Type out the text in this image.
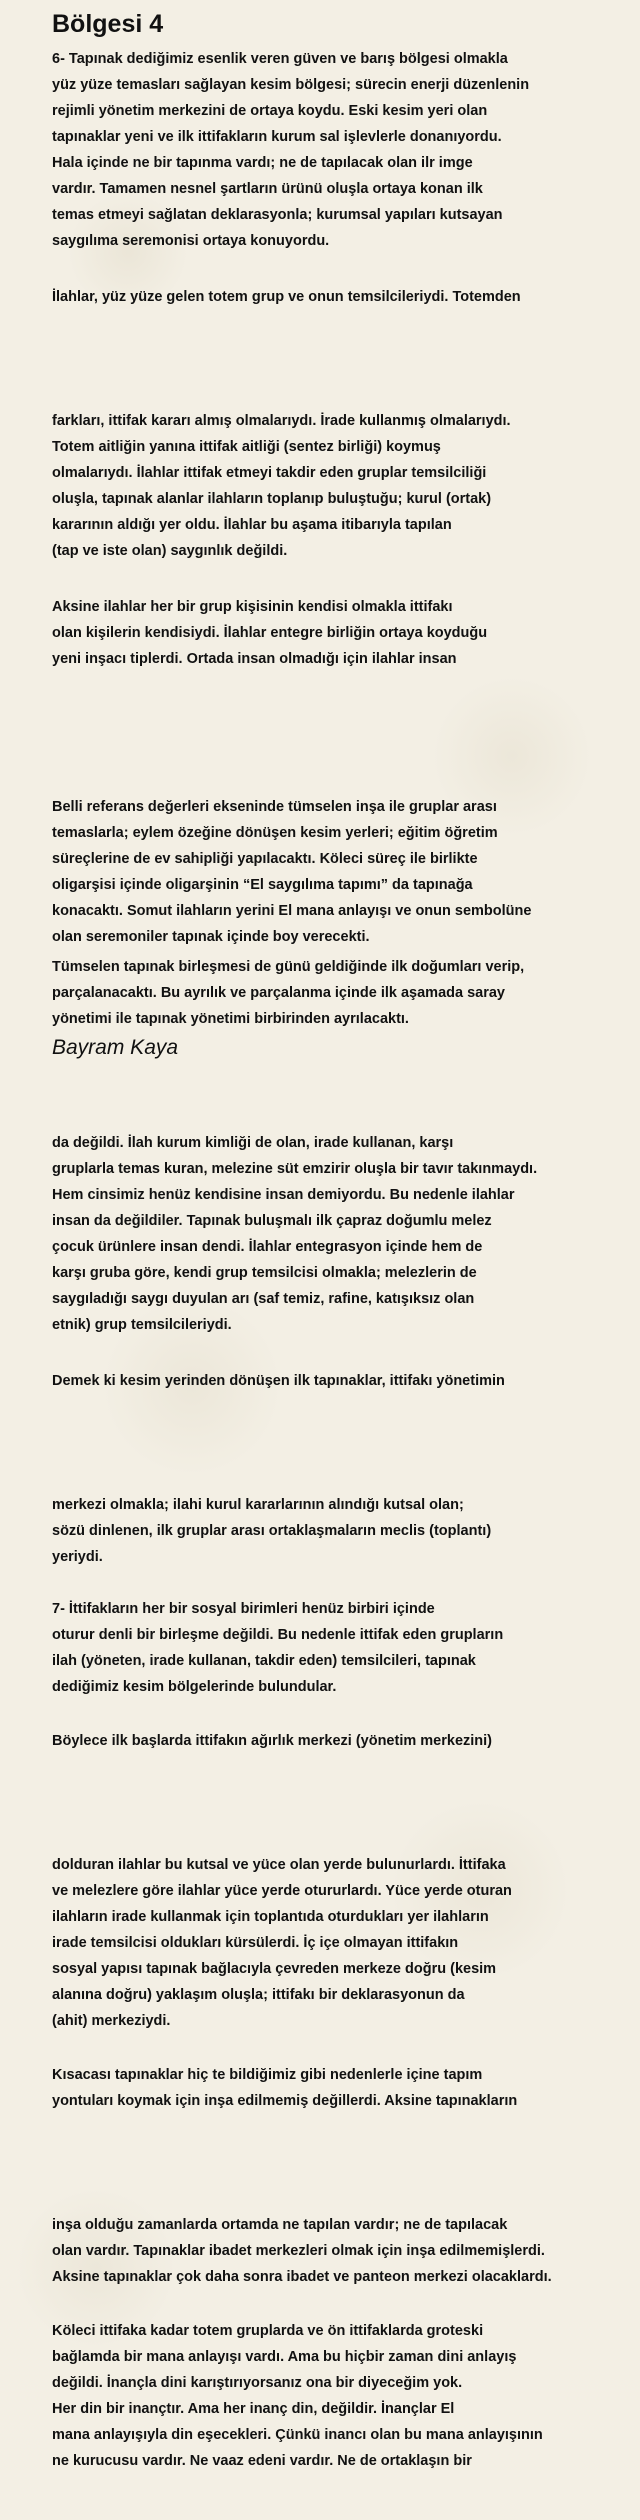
Bölgesi 4

6- Tapınak dediğimiz esenlik veren güven ve barış bölgesi olmakla
yüz yüze temasları sağlayan kesim bölgesi; sürecin enerji düzenlenin
rejimli yönetim merkezini de ortaya koydu. Eski kesim yeri olan
tapınaklar yeni ve ilk ittifakların kurum sal işlevlerle donanıyordu.
Hala içinde ne bir tapınma vardı; ne de tapılacak olan ilr imge
vardır. Tamamen nesnel şartların ürünü oluşla ortaya konan ilk
temas etmeyi sağlatan deklarasyonla; kurumsal yapıları kutsayan
saygılıma seremonisi ortaya konuyordu.

İlahlar, yüz yüze gelen totem grup ve onun temsilcileriydi. Totemden

farkları, ittifak kararı almış olmalarıydı. İrade kullanmış olmalarıydı.
Totem aitliğin yanına ittifak aitliği (sentez birliği) koymuş
olmalarıydı. İlahlar ittifak etmeyi takdir eden gruplar temsilciliği
oluşla, tapınak alanlar ilahların toplanıp buluştuğu; kurul (ortak)
kararının aldığı yer oldu. İlahlar bu aşama itibarıyla tapılan
(tap ve iste olan) saygınlık değildi.

Aksine ilahlar her bir grup kişisinin kendisi olmakla ittifakı
olan kişilerin kendisiydi. İlahlar entegre birliğin ortaya koyduğu
yeni inşacı tiplerdi. Ortada insan olmadığı için ilahlar insan

Belli referans değerleri ekseninde tümselen inşa ile gruplar arası
temaslarla; eylem özeğine dönüşen kesim yerleri; eğitim öğretim
süreçlerine de ev sahipliği yapılacaktı. Köleci süreç ile birlikte
oligarşisi içinde oligarşinin “El saygılıma tapımı” da tapınağa
konacaktı. Somut ilahların yerini El mana anlayışı ve onun sembolüne
olan seremoniler tapınak içinde boy verecekti.

Tümselen tapınak birleşmesi de günü geldiğinde ilk doğumları verip,
parçalanacaktı. Bu ayrılık ve parçalanma içinde ilk aşamada saray
yönetimi ile tapınak yönetimi birbirinden ayrılacaktı.

Bayram Kaya

da değildi. İlah kurum kimliği de olan, irade kullanan, karşı
gruplarla temas kuran, melezine süt emzirir oluşla bir tavır takınmaydı.
Hem cinsimiz henüz kendisine insan demiyordu. Bu nedenle ilahlar
insan da değildiler. Tapınak buluşmalı ilk çapraz doğumlu melez
çocuk ürünlere insan dendi. İlahlar entegrasyon içinde hem de
karşı gruba göre, kendi grup temsilcisi olmakla; melezlerin de
saygıladığı saygı duyulan arı (saf temiz, rafine, katışıksız olan
etnik) grup temsilcileriydi.

Demek ki kesim yerinden dönüşen ilk tapınaklar, ittifakı yönetimin

merkezi olmakla; ilahi kurul kararlarının alındığı kutsal olan;
sözü dinlenen, ilk gruplar arası ortaklaşmaların meclis (toplantı)
yeriydi.

7- İttifakların her bir sosyal birimleri henüz birbiri içinde
oturur denli bir birleşme değildi. Bu nedenle ittifak eden grupların
ilah (yöneten, irade kullanan, takdir eden) temsilcileri, tapınak
dediğimiz kesim bölgelerinde bulundular.

Böylece ilk başlarda ittifakın ağırlık merkezi (yönetim merkezini)

dolduran ilahlar bu kutsal ve yüce olan yerde bulunurlardı. İttifaka
ve melezlere göre ilahlar yüce yerde otururlardı. Yüce yerde oturan
ilahların irade kullanmak için toplantıda oturdukları yer ilahların
irade temsilcisi oldukları kürsülerdi. İç içe olmayan ittifakın
sosyal yapısı tapınak bağlacıyla çevreden merkeze doğru (kesim
alanına doğru) yaklaşım oluşla; ittifakı bir deklarasyonun da
(ahit) merkeziydi.

Kısacası tapınaklar hiç te bildiğimiz gibi nedenlerle içine tapım
yontuları koymak için inşa edilmemiş değillerdi. Aksine tapınakların

inşa olduğu zamanlarda ortamda ne tapılan vardır; ne de tapılacak
olan vardır. Tapınaklar ibadet merkezleri olmak için inşa edilmemişlerdi.
Aksine tapınaklar çok daha sonra ibadet ve panteon merkezi olacaklardı.

Köleci ittifaka kadar totem gruplarda ve ön ittifaklarda groteski
bağlamda bir mana anlayışı vardı. Ama bu hiçbir zaman dini anlayış
değildi. İnançla dini karıştırıyorsanız ona bir diyeceğim yok.
Her din bir inançtır. Ama her inanç din, değildir. İnançlar El
mana anlayışıyla din eşecekleri. Çünkü inancı olan bu mana anlayışının
ne kurucusu vardır. Ne vaaz edeni vardır. Ne de ortaklaşın bir
